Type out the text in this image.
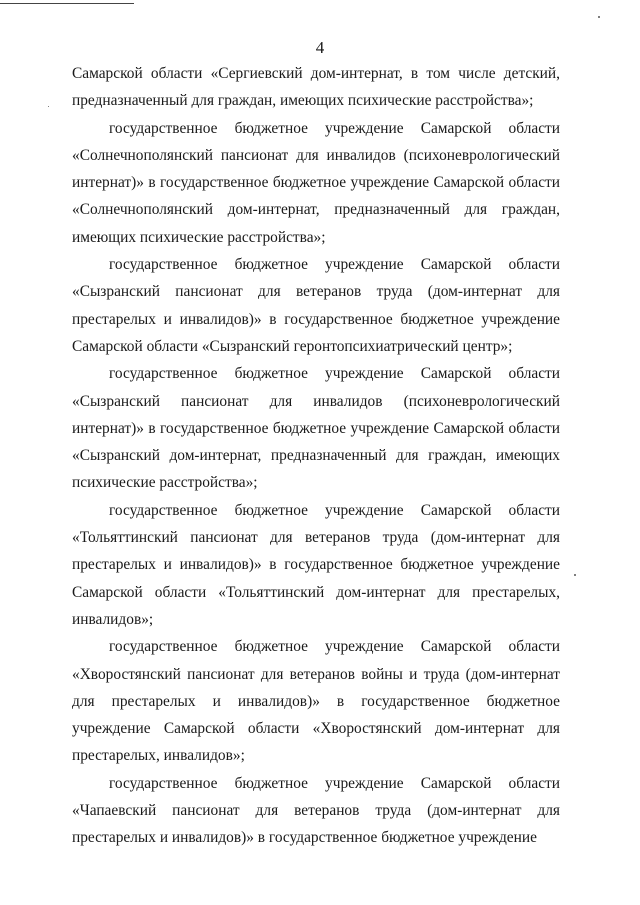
4

Самарской области «Сергиевский дом-интернат, в том числе детский, предназначенный для граждан, имеющих психические расстройства»;

государственное бюджетное учреждение Самарской области «Солнечнополянский пансионат для инвалидов (психоневрологический интернат)» в государственное бюджетное учреждение Самарской области «Солнечнополянский дом-интернат, предназначенный для граждан, имеющих психические расстройства»;

государственное бюджетное учреждение Самарской области «Сызранский пансионат для ветеранов труда (дом-интернат для престарелых и инвалидов)» в государственное бюджетное учреждение Самарской области «Сызранский геронтопсихиатрический центр»;

государственное бюджетное учреждение Самарской области «Сызранский пансионат для инвалидов (психоневрологический интернат)» в государственное бюджетное учреждение Самарской области «Сызранский дом-интернат, предназначенный для граждан, имеющих психические расстройства»;

государственное бюджетное учреждение Самарской области «Тольяттинский пансионат для ветеранов труда (дом-интернат для престарелых и инвалидов)» в государственное бюджетное учреждение Самарской области «Тольяттинский дом-интернат для престарелых, инвалидов»;

государственное бюджетное учреждение Самарской области «Хворостянский пансионат для ветеранов войны и труда (дом-интернат для престарелых и инвалидов)» в государственное бюджетное учреждение Самарской области «Хворостянский дом-интернат для престарелых, инвалидов»;

государственное бюджетное учреждение Самарской области «Чапаевский пансионат для ветеранов труда (дом-интернат для престарелых и инвалидов)» в государственное бюджетное учреждение
